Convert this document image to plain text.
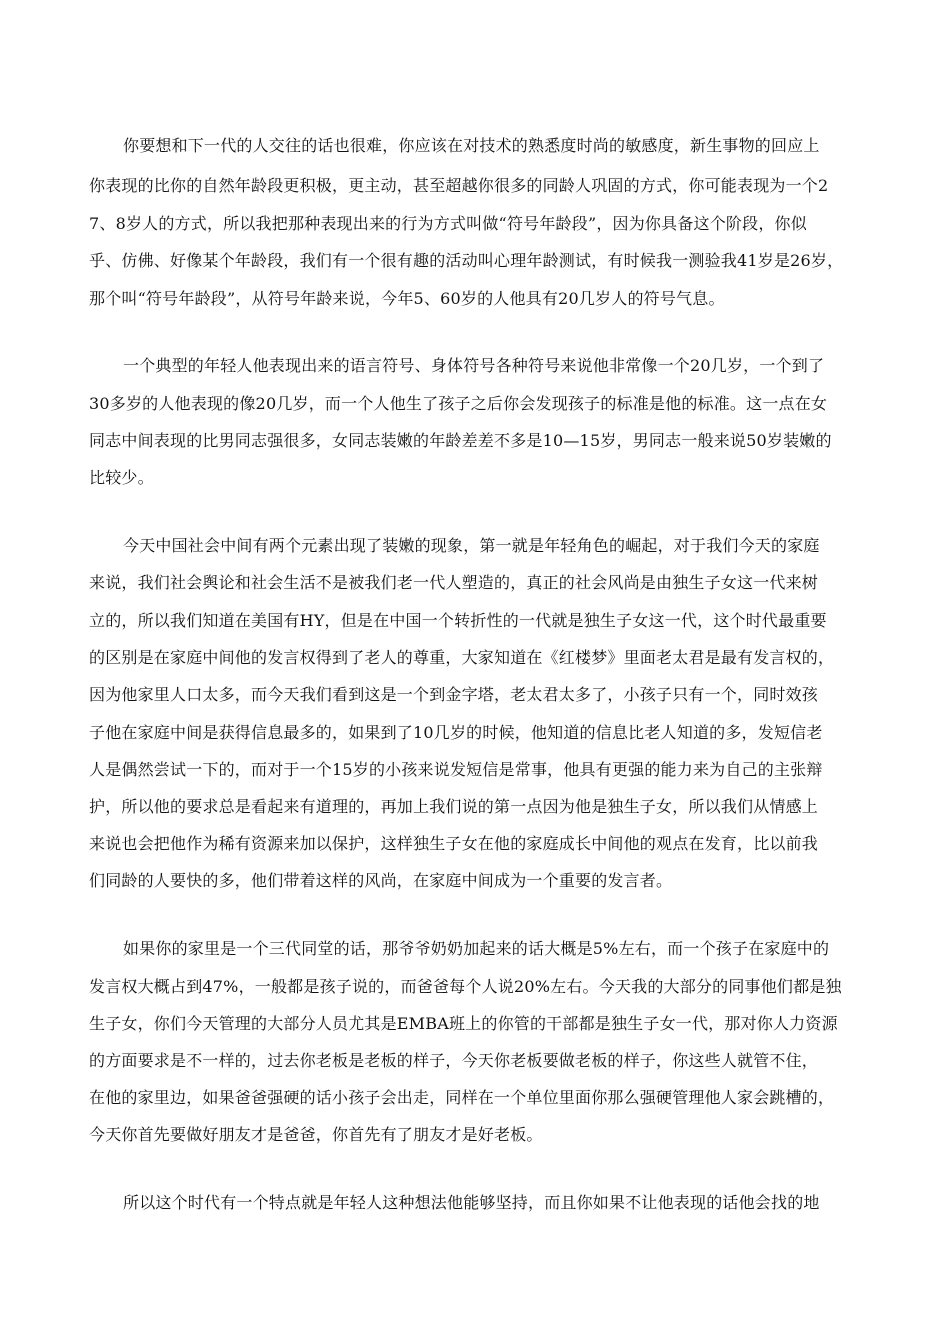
你要想和下一代的人交往的话也很难，你应该在对技术的熟悉度时尚的敏感度，新生事物的回应上
你表现的比你的自然年龄段更积极，更主动，甚至超越你很多的同龄人巩固的方式，你可能表现为一个2
7、8岁人的方式，所以我把那种表现出来的行为方式叫做“符号年龄段”，因为你具备这个阶段，你似
乎、仿佛、好像某个年龄段，我们有一个很有趣的活动叫心理年龄测试，有时候我一测验我41岁是26岁，
那个叫“符号年龄段”，从符号年龄来说，今年5、60岁的人他具有20几岁人的符号气息。
一个典型的年轻人他表现出来的语言符号、身体符号各种符号来说他非常像一个20几岁，一个到了
30多岁的人他表现的像20几岁，而一个人他生了孩子之后你会发现孩子的标准是他的标准。这一点在女
同志中间表现的比男同志强很多，女同志装嫩的年龄差差不多是10—15岁，男同志一般来说50岁装嫩的
比较少。
今天中国社会中间有两个元素出现了装嫩的现象，第一就是年轻角色的崛起，对于我们今天的家庭
来说，我们社会舆论和社会生活不是被我们老一代人塑造的，真正的社会风尚是由独生子女这一代来树
立的，所以我们知道在美国有HY，但是在中国一个转折性的一代就是独生子女这一代，这个时代最重要
的区别是在家庭中间他的发言权得到了老人的尊重，大家知道在《红楼梦》里面老太君是最有发言权的，
因为他家里人口太多，而今天我们看到这是一个到金字塔，老太君太多了，小孩子只有一个，同时效孩
子他在家庭中间是获得信息最多的，如果到了10几岁的时候，他知道的信息比老人知道的多，发短信老
人是偶然尝试一下的，而对于一个15岁的小孩来说发短信是常事，他具有更强的能力来为自己的主张辩
护，所以他的要求总是看起来有道理的，再加上我们说的第一点因为他是独生子女，所以我们从情感上
来说也会把他作为稀有资源来加以保护，这样独生子女在他的家庭成长中间他的观点在发育，比以前我
们同龄的人要快的多，他们带着这样的风尚，在家庭中间成为一个重要的发言者。
如果你的家里是一个三代同堂的话，那爷爷奶奶加起来的话大概是5%左右，而一个孩子在家庭中的
发言权大概占到47%，一般都是孩子说的，而爸爸每个人说20%左右。今天我的大部分的同事他们都是独
生子女，你们今天管理的大部分人员尤其是EMBA班上的你管的干部都是独生子女一代，那对你人力资源
的方面要求是不一样的，过去你老板是老板的样子，今天你老板要做老板的样子，你这些人就管不住，
在他的家里边，如果爸爸强硬的话小孩子会出走，同样在一个单位里面你那么强硬管理他人家会跳槽的，
今天你首先要做好朋友才是爸爸，你首先有了朋友才是好老板。
所以这个时代有一个特点就是年轻人这种想法他能够坚持，而且你如果不让他表现的话他会找的地
